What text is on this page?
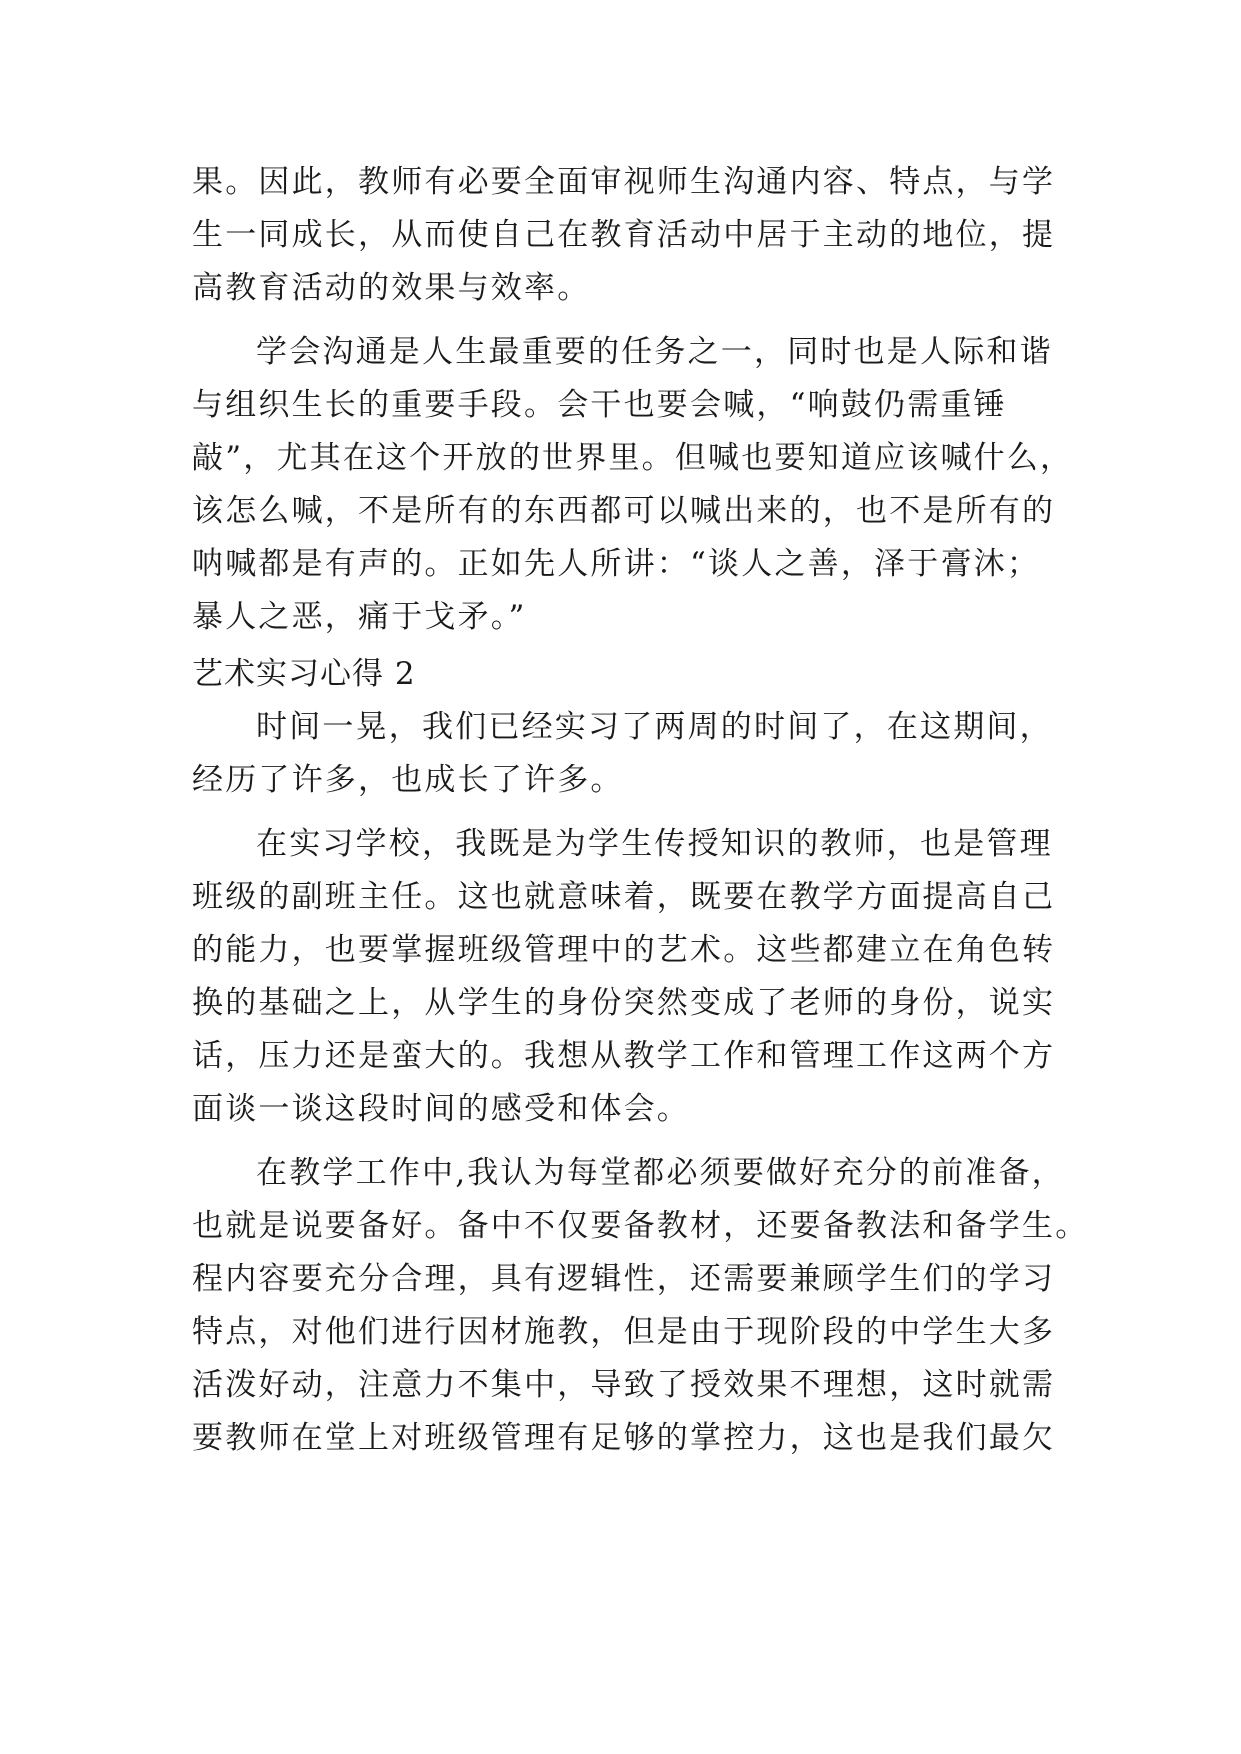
果。因此，教师有必要全面审视师生沟通内容、特点，与学
生一同成长，从而使自己在教育活动中居于主动的地位，提
高教育活动的效果与效率。
学会沟通是人生最重要的任务之一，同时也是人际和谐
与组织生长的重要手段。会干也要会喊，“响鼓仍需重锤
敲”，尤其在这个开放的世界里。但喊也要知道应该喊什么，
该怎么喊，不是所有的东西都可以喊出来的，也不是所有的
呐喊都是有声的。正如先人所讲：“谈人之善，泽于膏沐；
暴人之恶，痛于戈矛。”
艺术实习心得 2
时间一晃，我们已经实习了两周的时间了，在这期间，
经历了许多，也成长了许多。
在实习学校，我既是为学生传授知识的教师，也是管理
班级的副班主任。这也就意味着，既要在教学方面提高自己
的能力，也要掌握班级管理中的艺术。这些都建立在角色转
换的基础之上，从学生的身份突然变成了老师的身份，说实
话，压力还是蛮大的。我想从教学工作和管理工作这两个方
面谈一谈这段时间的感受和体会。
在教学工作中,我认为每堂都必须要做好充分的前准备，
也就是说要备好。备中不仅要备教材，还要备教法和备学生。
程内容要充分合理，具有逻辑性，还需要兼顾学生们的学习
特点，对他们进行因材施教，但是由于现阶段的中学生大多
活泼好动，注意力不集中，导致了授效果不理想，这时就需
要教师在堂上对班级管理有足够的掌控力，这也是我们最欠
